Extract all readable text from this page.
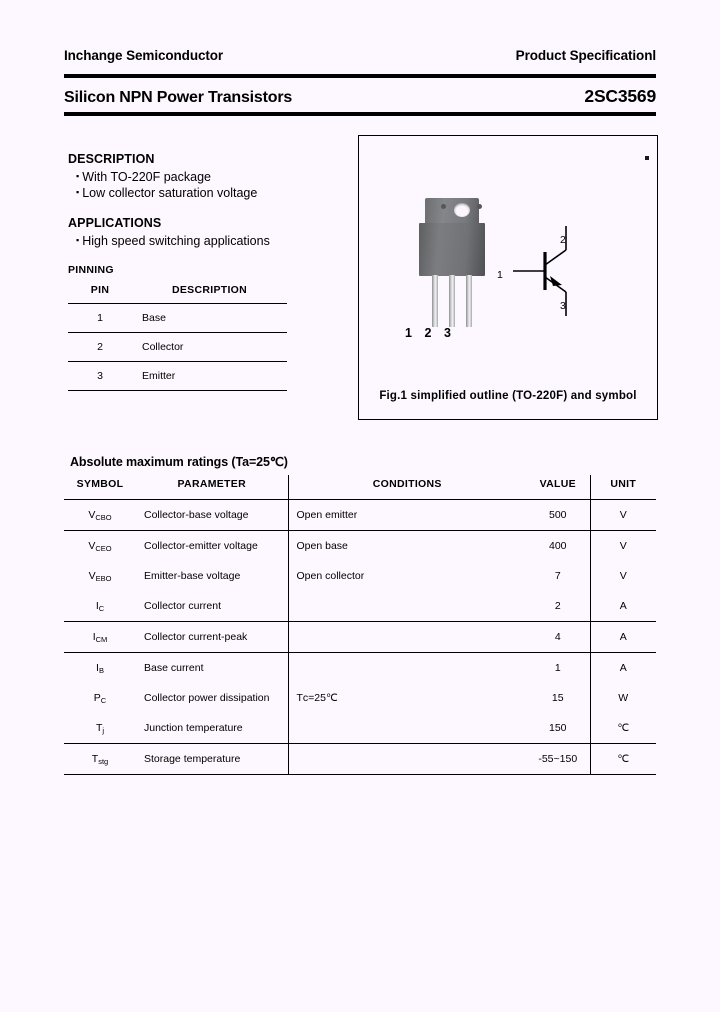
Inchange Semiconductor	Product Specificationl
Silicon NPN Power Transistors	2SC3569
DESCRIPTION
▪ With TO-220F package
▪ Low collector saturation voltage
APPLICATIONS
▪ High speed switching applications
PINNING
PIN	DESCRIPTION
1	Base
2	Collector
3	Emitter
1 2 3
1
2
3
Fig.1 simplified outline (TO-220F) and symbol
Absolute maximum ratings (Ta=25℃)
SYMBOL	PARAMETER	CONDITIONS	VALUE	UNIT
$V_{CBO}$	Collector-base voltage	Open emitter	500	V
$V_{CEO}$	Collector-emitter voltage	Open base	400	V
$V_{EBO}$	Emitter-base voltage	Open collector	7	V
$I_C$	Collector current		2	A
$I_{CM}$	Collector current-peak		4	A
$I_B$	Base current		1	A
$P_C$	Collector power dissipation	Tᴄ=25℃	15	W
$T_j$	Junction temperature		150	℃
$T_{stg}$	Storage temperature		-55~150	℃
